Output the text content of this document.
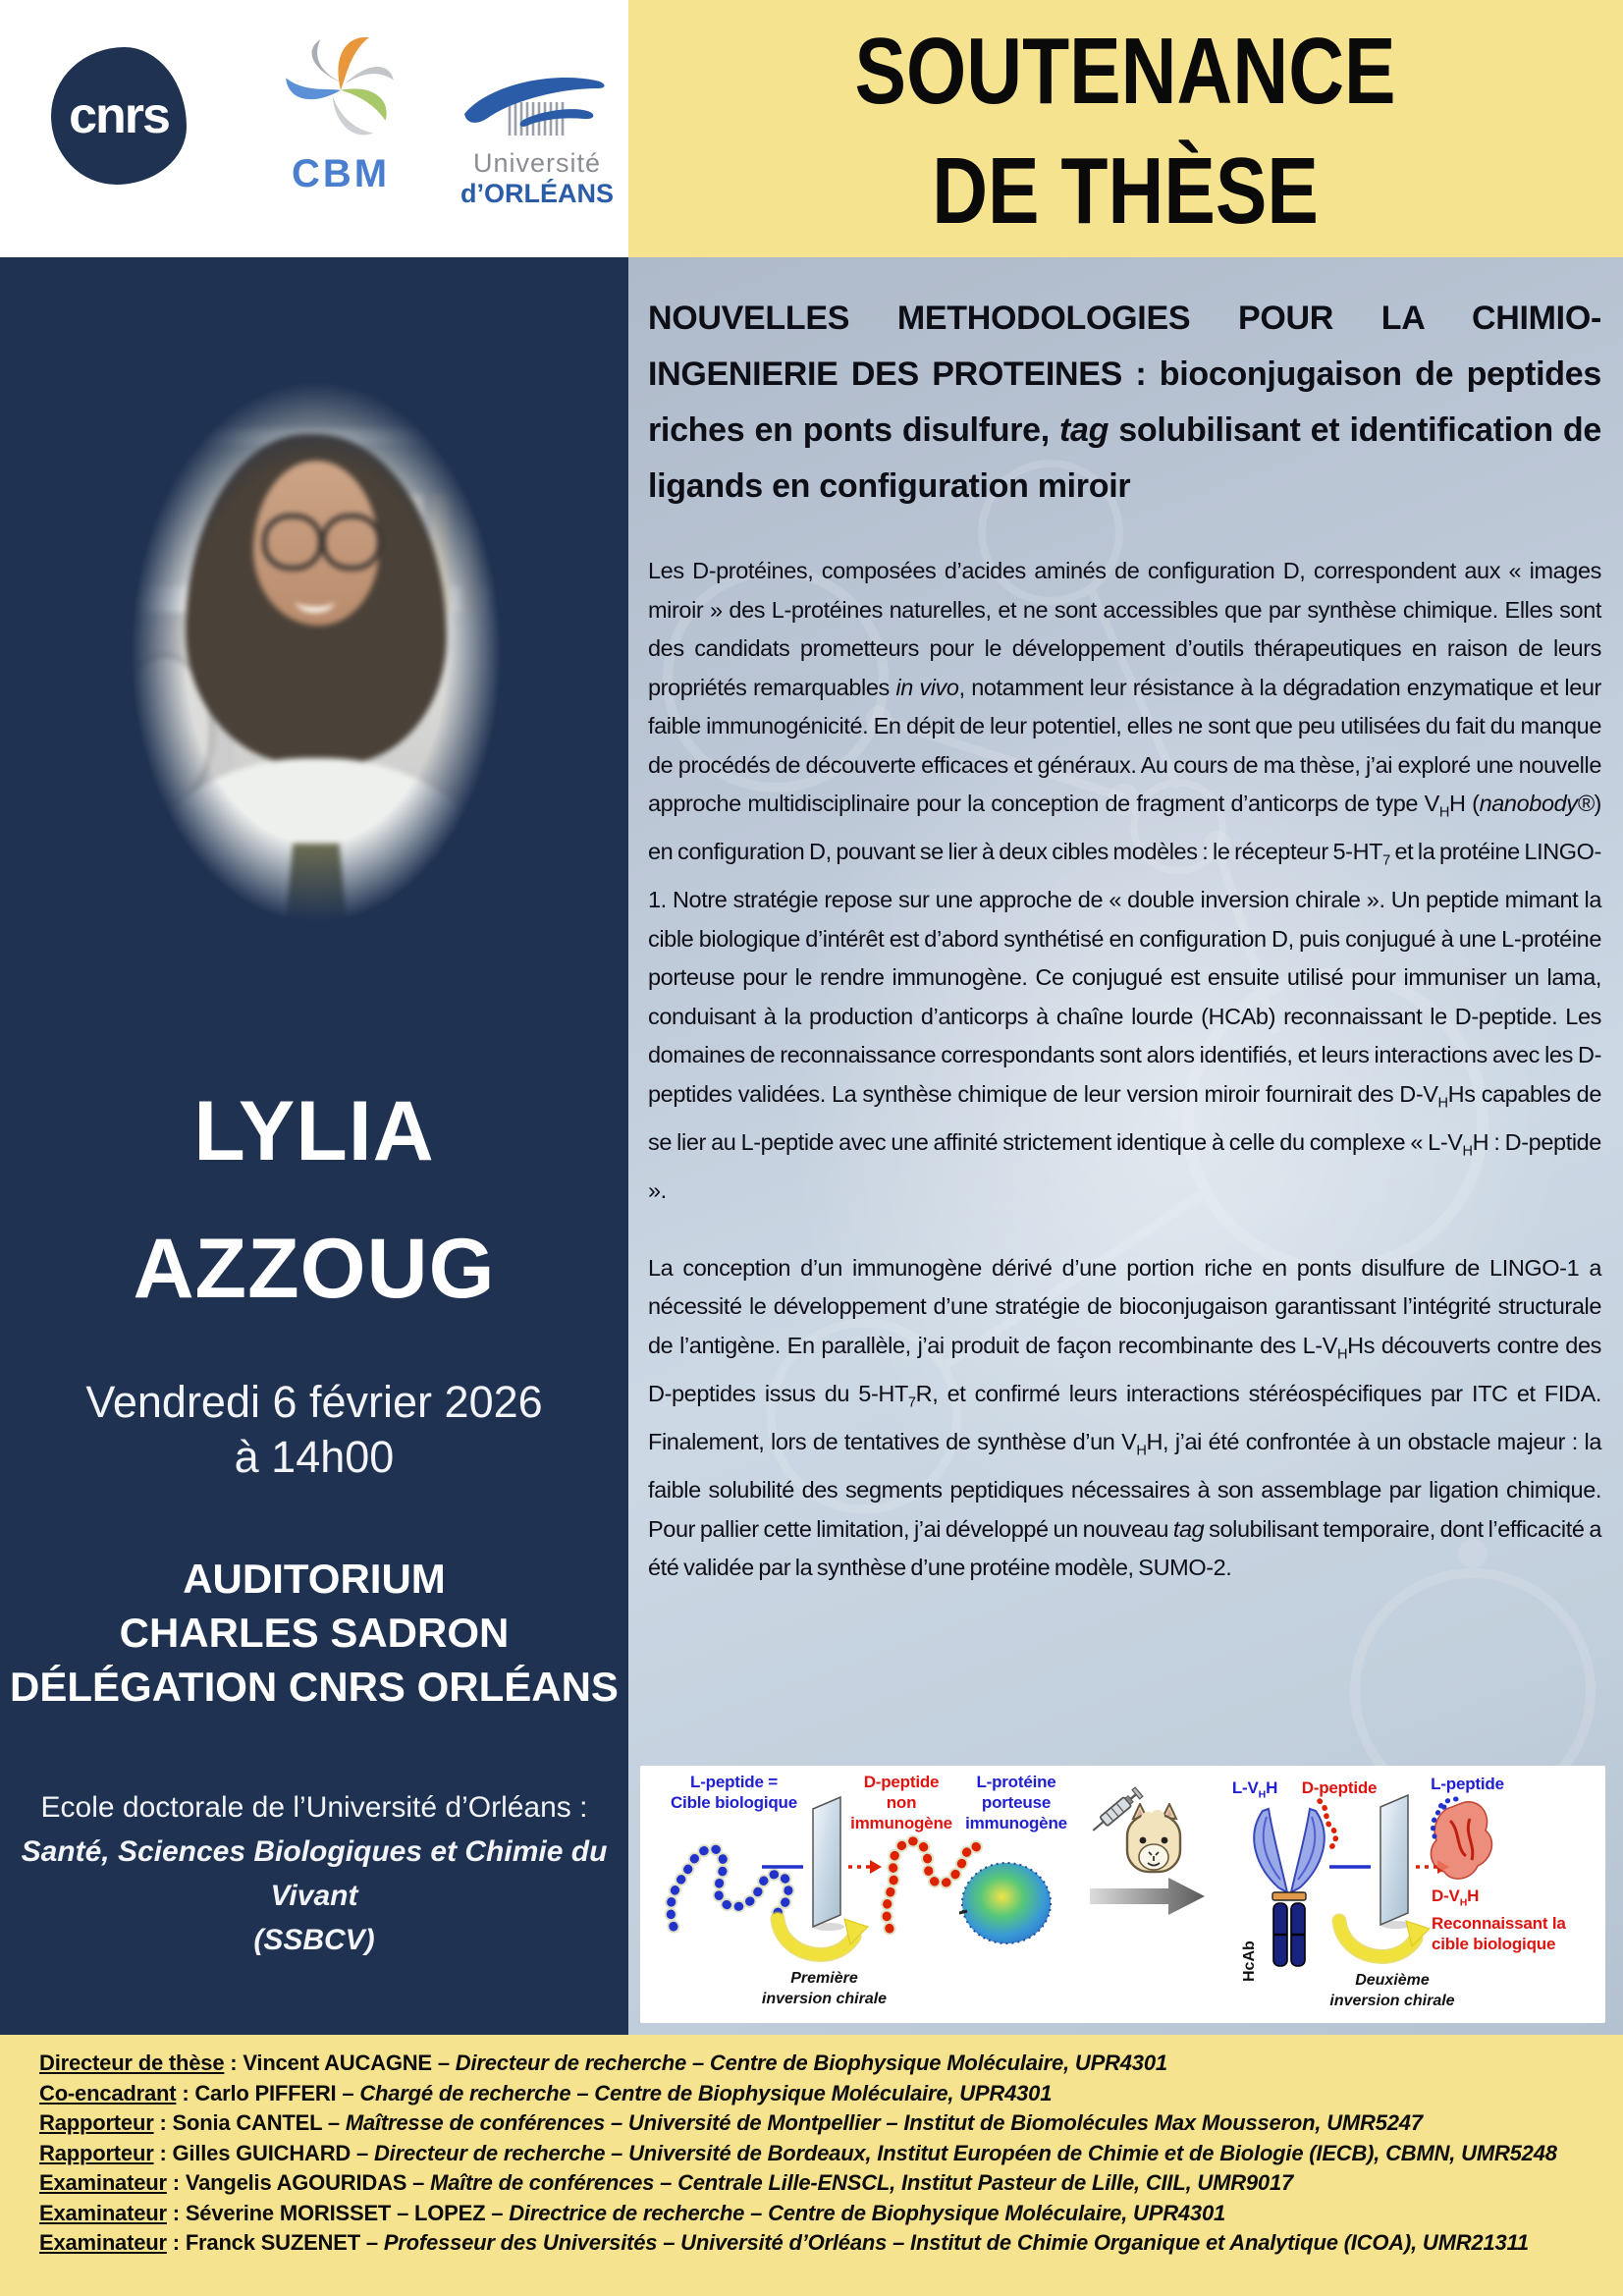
cnrs
CBM	Université
d’ORLÉANS
SOUTENANCE
DE THÈSE
LYLIA
AZZOUG
Vendredi 6 février 2026
à 14h00
AUDITORIUM
CHARLES SADRON
DÉLÉGATION CNRS ORLÉANS
Ecole doctorale de l’Université d’Orléans :
Santé, Sciences Biologiques et Chimie du Vivant
(SSBCV)
NOUVELLES METHODOLOGIES POUR LA CHIMIO-INGENIERIE DES PROTEINES : bioconjugaison de peptides riches en ponts disulfure, tag solubilisant et identification de ligands en configuration miroir

Les D-protéines, composées d’acides aminés de configuration D, correspondent aux « images miroir » des L-protéines naturelles, et ne sont accessibles que par synthèse chimique. Elles sont des candidats prometteurs pour le développement d’outils thérapeutiques en raison de leurs propriétés remarquables in vivo, notamment leur résistance à la dégradation enzymatique et leur faible immunogénicité. En dépit de leur potentiel, elles ne sont que peu utilisées du fait du manque de procédés de découverte efficaces et généraux. Au cours de ma thèse, j’ai exploré une nouvelle approche multidisciplinaire pour la conception de fragment d’anticorps de type $V_HH$ (nanobody®) en configuration D, pouvant se lier à deux cibles modèles : le récepteur $5-HT_7$ et la protéine LINGO-1. Notre stratégie repose sur une approche de « double inversion chirale ». Un peptide mimant la cible biologique d’intérêt est d’abord synthétisé en configuration D, puis conjugué à une L-protéine porteuse pour le rendre immunogène. Ce conjugué est ensuite utilisé pour immuniser un lama, conduisant à la production d’anticorps à chaîne lourde (HCAb) reconnaissant le D-peptide. Les domaines de reconnaissance correspondants sont alors identifiés, et leurs interactions avec les D-peptides validées. La synthèse chimique de leur version miroir fournirait des $D-V_HHs$ capables de se lier au L-peptide avec une affinité strictement identique à celle du complexe « $L-V_HH$ : D-peptide ».

La conception d’un immunogène dérivé d’une portion riche en ponts disulfure de LINGO-1 a nécessité le développement d’une stratégie de bioconjugaison garantissant l’intégrité structurale de l’antigène. En parallèle, j’ai produit de façon recombinante des $L-V_HHs$ découverts contre des D-peptides issus du $5-HT_7R$, et confirmé leurs interactions stéréospécifiques par ITC et FIDA. Finalement, lors de tentatives de synthèse d’un $V_HH$, j’ai été confrontée à un obstacle majeur : la faible solubilité des segments peptidiques nécessaires à son assemblage par ligation chimique. Pour pallier cette limitation, j’ai développé un nouveau tag solubilisant temporaire, dont l’efficacité a été validée par la synthèse d’une protéine modèle, SUMO-2.

L-peptide =
Cible biologique
D-peptide
non
immunogène
L-protéine
porteuse
immunogène
Première
inversion chirale
$L-V_HH$	D-peptide
HcAb
L-peptide
$D-V_HH$
Reconnaissant la
cible biologique
Deuxième
inversion chirale
Directeur de thèse : Vincent AUCAGNE – Directeur de recherche – Centre de Biophysique Moléculaire, UPR4301
Co-encadrant : Carlo PIFFERI – Chargé de recherche – Centre de Biophysique Moléculaire, UPR4301
Rapporteur : Sonia CANTEL – Maîtresse de conférences – Université de Montpellier – Institut de Biomolécules Max Mousseron, UMR5247
Rapporteur : Gilles GUICHARD – Directeur de recherche – Université de Bordeaux, Institut Européen de Chimie et de Biologie (IECB), CBMN, UMR5248
Examinateur : Vangelis AGOURIDAS – Maître de conférences – Centrale Lille-ENSCL, Institut Pasteur de Lille, CIIL, UMR9017
Examinateur : Séverine MORISSET – LOPEZ – Directrice de recherche – Centre de Biophysique Moléculaire, UPR4301
Examinateur : Franck SUZENET – Professeur des Universités – Université d’Orléans – Institut de Chimie Organique et Analytique (ICOA), UMR21311
